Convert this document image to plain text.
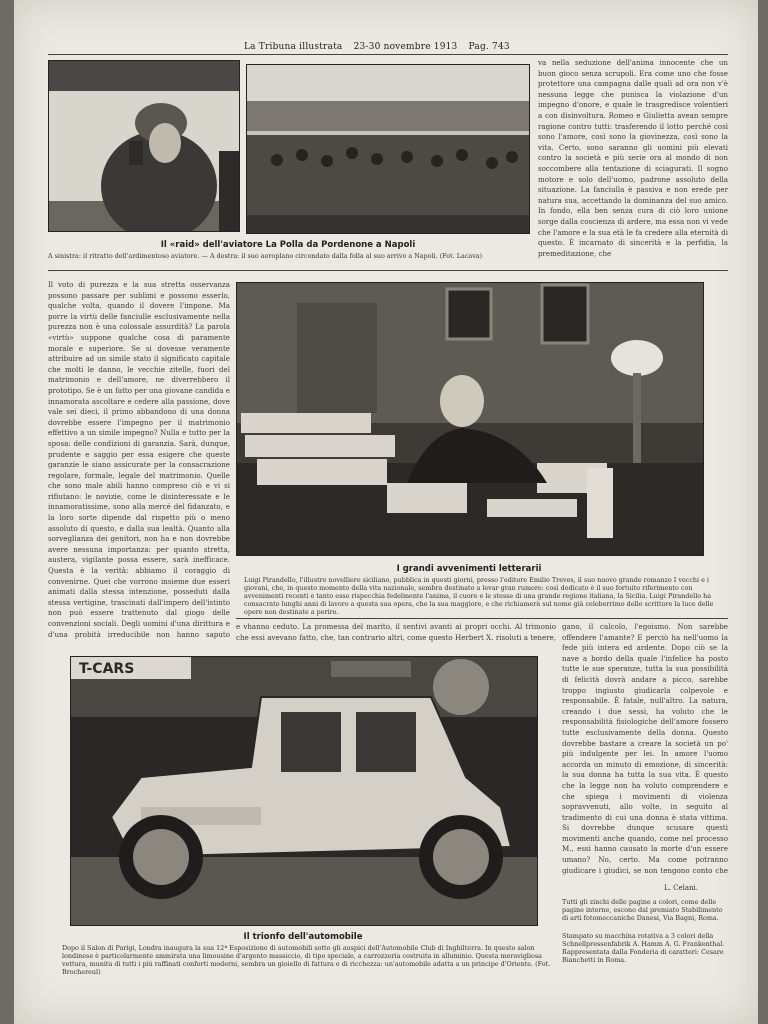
La Tribuna illustrata 23-30 novembre 1913 Pag. 743

va nella seduzione dell'anima innocente che un buon gioco senza scrupoli. Era come uno che fosse protettore una campagna dalle quali ad ora non v'è nessuna legge che punisca la violazione d'un impegno d'onore, e quale le trasgredisce volentieri a con disinvoltura. Romeo e Giulietta avean sempre ragione contro tutti: trasferendo il lotto perché così sono l'amore, così sono la giovinezza, così sono la vita. Certo, sono saranno gli uomini più elevati contro la società e più serie ora al mondo di non soccombere alla tentazione di sciagurati. Il sogno motore e solo dell'uomo, padrone assoluto della situazione. La fanciulla è passiva e non erede per natura sua, accettando la dominanza del suo amico. In fondo, ella ben senza cura di ciò loro unione sorge dalla coscienza di ardere, ma essa non vi vede che l'amore e la sua età le fa credere alla eternità di questo. È incarnato di sincerità e la perfidia, la premeditazione, che

Il «raid» dell'aviatore La Polla da Pordenone a Napoli
A sinistra: il ritratto dell'ardimentoso aviatore. — A destra: il suo aeroplano circondato dalla folla al suo arrivo a Napoli. (Fot. Lacava)

Il voto di purezza e la sua stretta osservanza possono passare per sublimi e possono esserlo, qualche volta, quando il dovere l'impone. Ma porre la virtù delle fanciulle esclusivamente nella purezza non è una colossale assurdità? La parola «virtù» suppone qualche cosa di paramente morale e superiore. Se si dovesse veramente attribuire ad un simile stato il significato capitale che molti le danno, le vecchie zitelle, fuori del matrimonio e dell'amore, ne diverrebbero il prototipo. Se è un fatto per una giovane candida e innamorata ascoltare e cedere alla passione, dove vale sei dieci, il primo abbandono di una donna dovrebbe essere l'impegno per il matrimonio effettivo a un simile impegno? Nulla e tutto per la sposa: delle condizioni di garanzia. Sarà, dunque, prudente e saggio per essa esigere che queste garanzie le siano assicurate per la consacrazione regolare, formale, legale del matrimonio. Quelle che sono male abili hanno compreso ciò e vi si rifiutano: le novizie, come le disinteressate e le innamoratissime, sono alla mercé del fidanzato, e la loro sorte dipende dal rispetto più o meno assoluto di questo, e dalla sua lealtà. Quanto alla sorveglianza dei genitori, non ha e non dovrebbe avere nessuna importanza: per quanto stretta, austera, vigilante possa essere, sarà inefficace. Questa è la verità: abbiamo il coraggio di convenirne. Quei che vorrono insieme due esseri animati dalla stessa intenzione, posseduti dalla stessa vertigine, trascinati dall'impero dell'istinto non può essere trattenuto dal giogo delle convenzioni sociali. Degli uomini d'una dirittura e d'una probità irreducibile non hanno saputo

I grandi avvenimenti letterarii
Luigi Pirandello, l'illustre novelliere siciliano, pubblica in questi giorni, presso l'editore Emilio Treves, il suo nuovo grande romanzo I vecchi e i giovani, che, in questo momento della vita nazionale, sembra destinato a levar gran rumore: così dedicato è il suo fortuito riferimento con avvenimenti recenti e tanto esso rispecchia fedelmente l'anima, il cuore e le stesse di una grande regione italiana, la Sicilia. Luigi Pirandello ha consacrato lunghi anni di lavoro a questa sua opera, che la sua maggiore, e che richiamerà sul nome già celeberrimo dello scrittore la luce delle opere non destinate a perire.

e vhanno ceduto. La promessa del marito, il sentivi avanti ai propri occhi. Al trimonio che essi avevano fatto, che, tan contrario altri, come questo Herbert X. risoluti a tenere,

gano, il calcolo, l'egoismo. Non sarebbe offendere l'amante? E perciò ha nell'uomo la fede più intera ed ardente. Dopo ciò se la nave a bordo della quale l'infelice ha posto tutte le sue speranze, tutta la sua possibilità di felicità dovrà andare a picco, sarebbe troppo ingiusto giudicarla colpevole e responsabile. È fatale, null'altro. La natura, creando i due sessi, ha voluto che le responsabilità fisiologiche dell'amore fossero tutte esclusivamente della donna. Questo dovrebbe bastare a creare la società un po' più indulgente per lei. In amore l'uomo accorda un minuto di emozione, di sincerità: la sua donna ha tutta la sua vita. È questo che la legge non ha voluto comprendere e che spiega i movimenti di violenza sopravvenuti, allo volte, in seguito al tradimento di cui una donna è stata vittima. Si dovrebbe dunque scusare questi movimenti anche quando, come nel processo M., essi hanno causato la morte d'un essere umano? No, certo. Ma come potranno giudicare i giudici, se non tengono conto che

T-CARS
L. Celani.
Tutti gli zinchi delle pagine a colori, come delle pagine interne, escono dal premiato Stabilimento di arti fotomeccaniche Danesi, Via Bagni, Roma.
Stampato su macchina rotativa a 3 colori della Schnellpressenfabrik A. Hamm A. G. Frankenthal. Rappresentata dalla Fonderia di caratteri: Cesare Bianchetti in Roma.
Il trionfo dell'automobile
Dopo il Salon di Parigi, Londra inaugura la sua 12ª Esposizione di automobili sotto gli auspici dell'Automobile Club di Inghilterra. In questo salon londinese è particolarmente ammirata una limousine d'argento massiccio, di tipo speciale, a carrozzeria costruita in alluminio. Questa meravigliosa vettura, munita di tutti i più raffinati conforti moderni, sembra un gioiello di fattura e di ricchezza: un'automobile adatta a un principe d'Oriente. (Fot. Brochereul)
